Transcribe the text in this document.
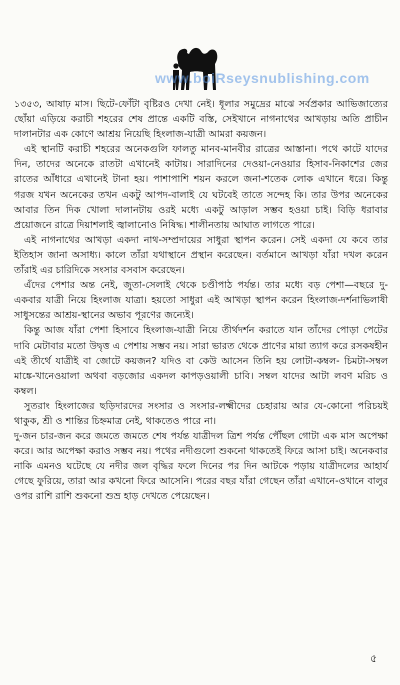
www.boiRseysnublishing.com

১৩৫৩, আষাঢ় মাস। ছিটে-ফোঁটা বৃষ্টিরও দেখা নেই। ধূলার সমুদ্রের মাঝে সর্বপ্রকার আভিজাত্যের ছোঁয়া এড়িয়ে করাচী শহরের শেষ প্রান্তে একটি বস্তি, সেইখানে নাগনাথের আখড়ায় অতি প্রাচীন দালানটার এক কোণে আশ্রয় নিয়েছি হিংলাজ-যাত্রী আমরা কয়জন।

এই স্থানটি করাচী শহরের অনেকগুলি ফালতু মানব-মানবীর রাত্রের আস্তানা। পথে কাটে যাদের দিন, তাদের অনেকে রাতটা এখানেই কাটায়। সারাদিনের দেওয়া-নেওয়ার হিসাব-নিকাশের জের রাতের আঁধারে এখানেই টানা হয়। পাশাপাশি শয়ন করলে জনা-শতেক লোক এখানে ধরে। কিন্তু গরজ যখন অনেকের তখন একটু আপদ-বালাই যে ঘটবেই তাতে সন্দেহ কি। তার উপর অনেকের আবার তিন দিক খোলা দালানটায় ওরই মধ্যে একটু আড়াল সম্ভব হওয়া চাই। বিড়ি ধরাবার প্রয়োজনে রাত্রে দিয়াশলাই জ্বালানোও নিষিদ্ধ। শালীনতায় আঘাত লাগতে পারে।

এই নাগনাথের আখড়া একদা নাথ-সম্প্রদায়ের সাধুরা স্থাপন করেন। সেই একদা যে কবে তার ইতিহাস জানা অসাধ্য। কালে তাঁরা যথাস্থানে প্রস্থান করেছেন। বর্তমানে আখড়া যাঁরা দখল করেন তাঁরাই এর চারিদিকে সংসার বসবাস করেছেন।

এঁদের পেশার অন্ত নেই, জুতা-সেলাই থেকে চণ্ডীপাঠ পর্যন্ত। তার মধ্যে বড় পেশা—বছরে দু-একবার যাত্রী নিয়ে হিংলাজ যাত্রা। হয়তো সাধুরা এই আখড়া স্থাপন করেন হিংলাজ-দর্শনাভিলাষী সাধুসন্তের আশ্রয়-স্থানের অভাব পূরণের জন্যেই।

কিন্তু আজ যাঁরা পেশা হিসাবে হিংলাজ-যাত্রী নিয়ে তীর্থদর্শন করাতে যান তাঁদের পোড়া পেটের দাবি মেটাবার মতো উদ্বৃত্ত এ পেশায় সম্ভব নয়। সারা ভারত থেকে প্রাণের মায়া ত্যাগ করে রসকষহীন এই তীর্থে যাত্রীই বা জোটে কয়জন? যদিও বা কেউ আসেন তিনি হয় লোটা-কম্বল- চিমটা-সম্বল মাঙ্কে-খানেওয়ালা অথবা বড়জোর একদল কাপড়ওয়ালী চাবি। সম্বল যাদের আটা লবণ মরিচ ও কম্বল।

সুতরাং হিংলাজের ছড়িদারদের সংসার ও সংসার-লক্ষ্মীদের চেহারায় আর যে-কোনো পরিচয়ই থাকুক, শ্রী ও শান্তির চিহ্নমাত্র নেই, থাকতেও পারে না।

দু-জন চার-জন করে জমতে জমতে শেষ পর্যন্ত যাত্রীদল ত্রিশ পর্যন্ত পৌঁছল গোটা এক মাস অপেক্ষা করে। আর অপেক্ষা করাও সম্ভব নয়। পথের নদীগুলো শুকনো থাকতেই ফিরে আসা চাই। অনেকবার নাকি এমনও ঘটেছে যে নদীর জল বৃদ্ধির ফলে দিনের পর দিন আটকে পড়ায় যাত্রীদলের আহার্য গেছে ফুরিয়ে, তারা আর কখনো ফিরে আসেনি। পরের বছর যাঁরা গেছেন তাঁরা এখানে-ওখানে বালুর ওপর রাশি রাশি শুকনো শুভ্র হাড় দেখতে পেয়েছেন।

৫
